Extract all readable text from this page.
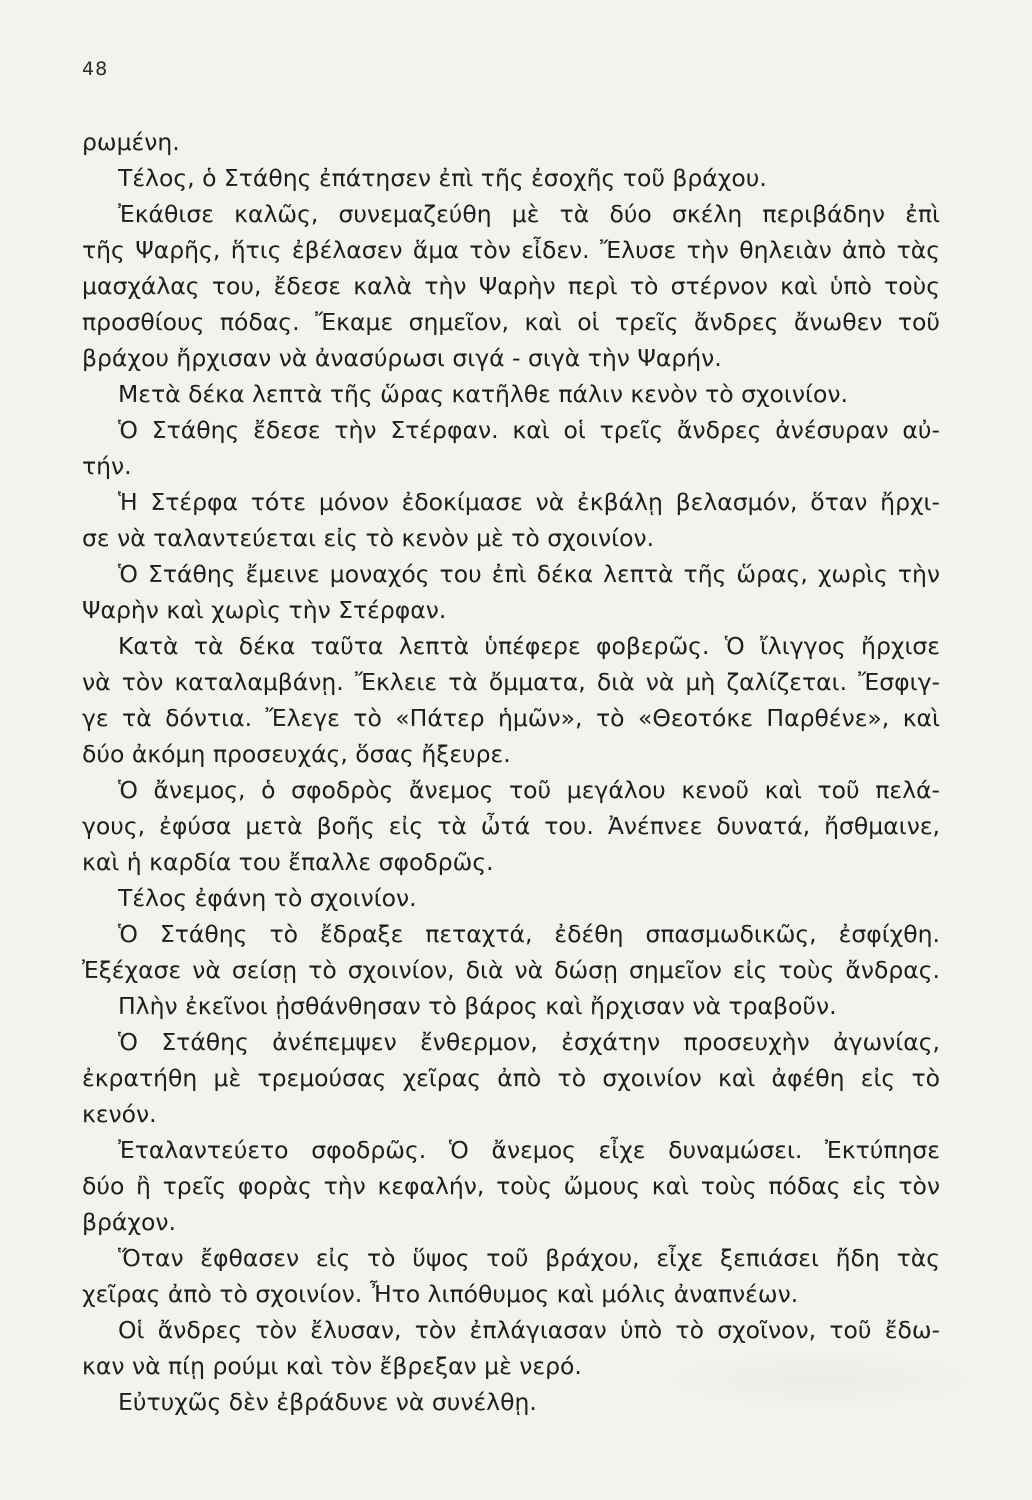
48
ρωμένη.
Τέλος, ὁ Στάθης ἐπάτησεν ἐπὶ τῆς ἐσοχῆς τοῦ βράχου.
Ἐκάθισε καλῶς, συνεμαζεύθη μὲ τὰ δύο σκέλη περιβάδην ἐπὶ
τῆς Ψαρῆς, ἥτις ἐβέλασεν ἅμα τὸν εἶδεν. Ἔλυσε τὴν θηλειὰν ἀπὸ τὰς
μασχάλας του, ἔδεσε καλὰ τὴν Ψαρὴν περὶ τὸ στέρνον καὶ ὑπὸ τοὺς
προσθίους πόδας. Ἔκαμε σημεῖον, καὶ οἱ τρεῖς ἄνδρες ἄνωθεν τοῦ
βράχου ἤρχισαν νὰ ἀνασύρωσι σιγά - σιγὰ τὴν Ψαρήν.
Μετὰ δέκα λεπτὰ τῆς ὥρας κατῆλθε πάλιν κενὸν τὸ σχοινίον.
Ὁ Στάθης ἔδεσε τὴν Στέρφαν. καὶ οἱ τρεῖς ἄνδρες ἀνέσυραν αὐ-
τήν.
Ἡ Στέρφα τότε μόνον ἐδοκίμασε νὰ ἐκβάλῃ βελασμόν, ὅταν ἤρχι-
σε νὰ ταλαντεύεται εἰς τὸ κενὸν μὲ τὸ σχοινίον.
Ὁ Στάθης ἔμεινε μοναχός του ἐπὶ δέκα λεπτὰ τῆς ὥρας, χωρὶς τὴν
Ψαρὴν καὶ χωρὶς τὴν Στέρφαν.
Κατὰ τὰ δέκα ταῦτα λεπτὰ ὑπέφερε φοβερῶς. Ὁ ἴλιγγος ἤρχισε
νὰ τὸν καταλαμβάνῃ. Ἔκλειε τὰ ὄμματα, διὰ νὰ μὴ ζαλίζεται. Ἔσφιγ-
γε τὰ δόντια. Ἔλεγε τὸ «Πάτερ ἡμῶν», τὸ «Θεοτόκε Παρθένε», καὶ
δύο ἀκόμη προσευχάς, ὅσας ἤξευρε.
Ὁ ἄνεμος, ὁ σφοδρὸς ἄνεμος τοῦ μεγάλου κενοῦ καὶ τοῦ πελά-
γους, ἐφύσα μετὰ βοῆς εἰς τὰ ὦτά του. Ἀνέπνεε δυνατά, ἤσθμαινε,
καὶ ἡ καρδία του ἔπαλλε σφοδρῶς.
Τέλος ἐφάνη τὸ σχοινίον.
Ὁ Στάθης τὸ ἔδραξε πεταχτά, ἐδέθη σπασμωδικῶς, ἐσφίχθη.
Ἐξέχασε νὰ σείσῃ τὸ σχοινίον, διὰ νὰ δώσῃ σημεῖον εἰς τοὺς ἄνδρας.
Πλὴν ἐκεῖνοι ᾐσθάνθησαν τὸ βάρος καὶ ἤρχισαν νὰ τραβοῦν.
Ὁ Στάθης ἀνέπεμψεν ἔνθερμον, ἐσχάτην προσευχὴν ἀγωνίας,
ἐκρατήθη μὲ τρεμούσας χεῖρας ἀπὸ τὸ σχοινίον καὶ ἀφέθη εἰς τὸ
κενόν.
Ἐταλαντεύετο σφοδρῶς. Ὁ ἄνεμος εἶχε δυναμώσει. Ἐκτύπησε
δύο ἢ τρεῖς φορὰς τὴν κεφαλήν, τοὺς ὤμους καὶ τοὺς πόδας εἰς τὸν
βράχον.
Ὅταν ἔφθασεν εἰς τὸ ὕψος τοῦ βράχου, εἶχε ξεπιάσει ἤδη τὰς
χεῖρας ἀπὸ τὸ σχοινίον. Ἦτο λιπόθυμος καὶ μόλις ἀναπνέων.
Οἱ ἄνδρες τὸν ἔλυσαν, τὸν ἐπλάγιασαν ὑπὸ τὸ σχοῖνον, τοῦ ἔδω-
καν νὰ πίῃ ρούμι καὶ τὸν ἔβρεξαν μὲ νερό.
Εὐτυχῶς δὲν ἐβράδυνε νὰ συνέλθῃ.
